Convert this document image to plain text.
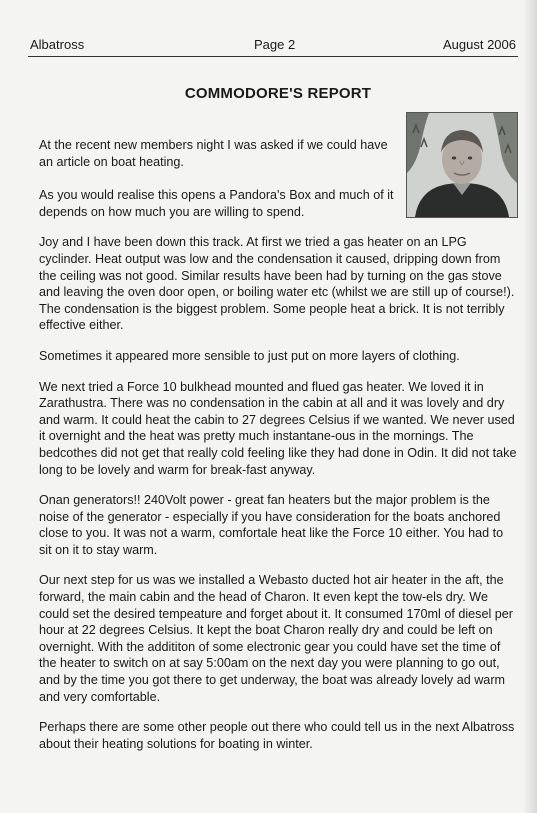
Albatross	Page 2	August 2006
COMMODORE'S REPORT

At the recent new members night I was asked if we could have an article on boat heating.

As you would realise this opens a Pandora's Box and much of it depends on how much you are willing to spend.

Joy and I have been down this track. At first we tried a gas heater on an LPG cyclinder. Heat output was low and the condensation it caused, dripping down from the ceiling was not good. Similar results have been had by turning on the gas stove and leaving the oven door open, or boiling water etc (whilst we are still up of course!). The condensation is the biggest problem. Some people heat a brick. It is not terribly effective either.

Sometimes it appeared more sensible to just put on more layers of clothing.

We next tried a Force 10 bulkhead mounted and flued gas heater. We loved it in Zarathustra. There was no condensation in the cabin at all and it was lovely and dry and warm. It could heat the cabin to 27 degrees Celsius if we wanted. We never used it overnight and the heat was pretty much instantane-ous in the mornings. The bedcothes did not get that really cold feeling like they had done in Odin. It did not take long to be lovely and warm for break-fast anyway.

Onan generators!! 240Volt power - great fan heaters but the major problem is the noise of the generator - especially if you have consideration for the boats anchored close to you. It was not a warm, comfortale heat like the Force 10 either. You had to sit on it to stay warm.

Our next step for us was we installed a Webasto ducted hot air heater in the aft, the forward, the main cabin and the head of Charon. It even kept the tow-els dry. We could set the desired tempeature and forget about it. It consumed 170ml of diesel per hour at 22 degrees Celsius. It kept the boat Charon really dry and could be left on overnight. With the addititon of some electronic gear you could have set the time of the heater to switch on at say 5:00am on the next day you were planning to go out, and by the time you got there to get underway, the boat was already lovely ad warm and very comfortable.

Perhaps there are some other people out there who could tell us in the next Albatross about their heating solutions for boating in winter.
